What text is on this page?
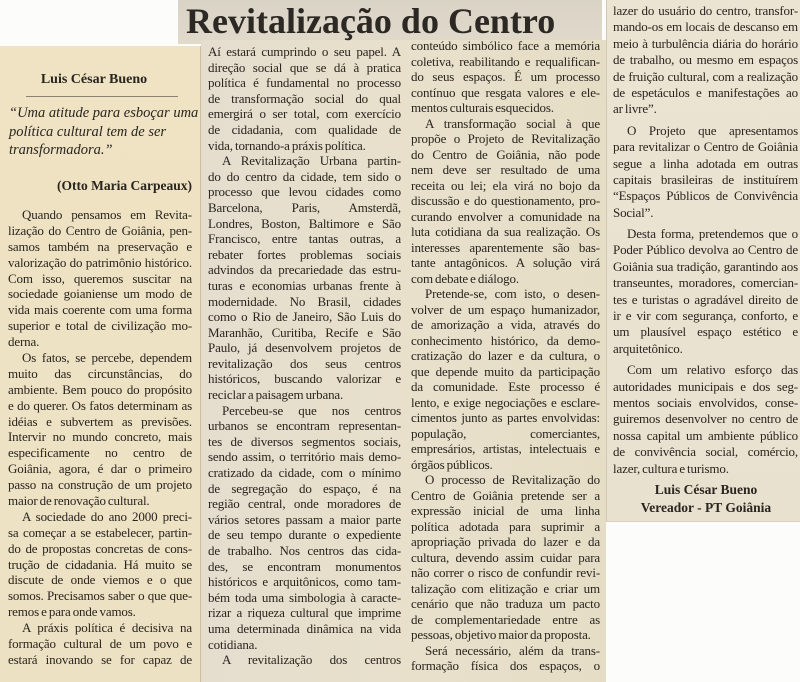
Revitalização do Centro
Luis César Bueno
“Uma atitude para esboçar uma
política cultural tem de ser
transformadora.”
(Otto Maria Carpeaux)
Quando pensamos em Revita-
lização do Centro de Goiânia, pen-
samos também na preservação e
valorização do patrimônio histórico.
Com isso, queremos suscitar na
sociedade goianiense um modo de
vida mais coerente com uma forma
superior e total de civilização mo-
derna.
Os fatos, se percebe, dependem
muito das circunstâncias, do
ambiente. Bem pouco do propósito
e do querer. Os fatos determinam as
idéias e subvertem as previsões.
Intervir no mundo concreto, mais
especificamente no centro de
Goiânia, agora, é dar o primeiro
passo na construção de um projeto
maior de renovação cultural.
A sociedade do ano 2000 preci-
sa começar a se estabelecer, partin-
do de propostas concretas de cons-
trução de cidadania. Há muito se
discute de onde viemos e o que
somos. Precisamos saber o que que-
remos e para onde vamos.
A práxis política é decisiva na
formação cultural de um povo e
estará inovando se for capaz de
Aí estará cumprindo o seu papel. A
direção social que se dá à pratica
política é fundamental no processo
de transformação social do qual
emergirá o ser total, com exercício
de cidadania, com qualidade de
vida, tornando-a práxis política.
A Revitalização Urbana partin-
do do centro da cidade, tem sido o
processo que levou cidades como
Barcelona, Paris, Amsterdã,
Londres, Boston, Baltimore e São
Francisco, entre tantas outras, a
rebater fortes problemas sociais
advindos da precariedade das estru-
turas e economias urbanas frente à
modernidade. No Brasil, cidades
como o Rio de Janeiro, São Luis do
Maranhão, Curitiba, Recife e São
Paulo, já desenvolvem projetos de
revitalização dos seus centros
históricos, buscando valorizar e
reciclar a paisagem urbana.
Percebeu-se que nos centros
urbanos se encontram representan-
tes de diversos segmentos sociais,
sendo assim, o território mais demo-
cratizado da cidade, com o mínimo
de segregação do espaço, é na
região central, onde moradores de
vários setores passam a maior parte
de seu tempo durante o expediente
de trabalho. Nos centros das cida-
des, se encontram monumentos
históricos e arquitônicos, como tam-
bém toda uma simbologia à caracte-
rizar a riqueza cultural que imprime
uma determinada dinâmica na vida
cotidiana.
A revitalização dos centros
conteúdo simbólico face a memória
coletiva, reabilitando e requalifican-
do seus espaços. É um processo
contínuo que resgata valores e ele-
mentos culturais esquecidos.
A transformação social à que
propõe o Projeto de Revitalização
do Centro de Goiânia, não pode
nem deve ser resultado de uma
receita ou lei; ela virá no bojo da
discussão e do questionamento, pro-
curando envolver a comunidade na
luta cotidiana da sua realização. Os
interesses aparentemente são bas-
tante antagônicos. A solução virá
com debate e diálogo.
Pretende-se, com isto, o desen-
volver de um espaço humanizador,
de amorização a vida, através do
conhecimento histórico, da demo-
cratização do lazer e da cultura, o
que depende muito da participação
da comunidade. Este processo é
lento, e exige negociações e esclare-
cimentos junto as partes envolvidas:
população, comerciantes,
empresários, artistas, intelectuais e
órgãos públicos.
O processo de Revitalização do
Centro de Goiânia pretende ser a
expressão inicial de uma linha
política adotada para suprimir a
apropriação privada do lazer e da
cultura, devendo assim cuidar para
não correr o risco de confundir revi-
talização com elitização e criar um
cenário que não traduza um pacto
de complementariedade entre as
pessoas, objetivo maior da proposta.
Será necessário, além da trans-
formação física dos espaços, o
lazer do usuário do centro, transfor-
mando-os em locais de descanso em
meio à turbulência diária do horário
de trabalho, ou mesmo em espaços
de fruição cultural, com a realização
de espetáculos e manifestações ao
ar livre”.
O Projeto que apresentamos
para revitalizar o Centro de Goiânia
segue a linha adotada em outras
capitais brasileiras de instituírem
“Espaços Públicos de Convivência
Social”.
Desta forma, pretendemos que o
Poder Público devolva ao Centro de
Goiânia sua tradição, garantindo aos
transeuntes, moradores, comercian-
tes e turistas o agradável direito de
ir e vir com segurança, conforto, e
um plausível espaço estético e
arquitetônico.
Com um relativo esforço das
autoridades municipais e dos seg-
mentos sociais envolvidos, conse-
guiremos desenvolver no centro de
nossa capital um ambiente público
de convivência social, comércio,
lazer, cultura e turismo.
Luis César Bueno
Vereador - PT Goiânia
